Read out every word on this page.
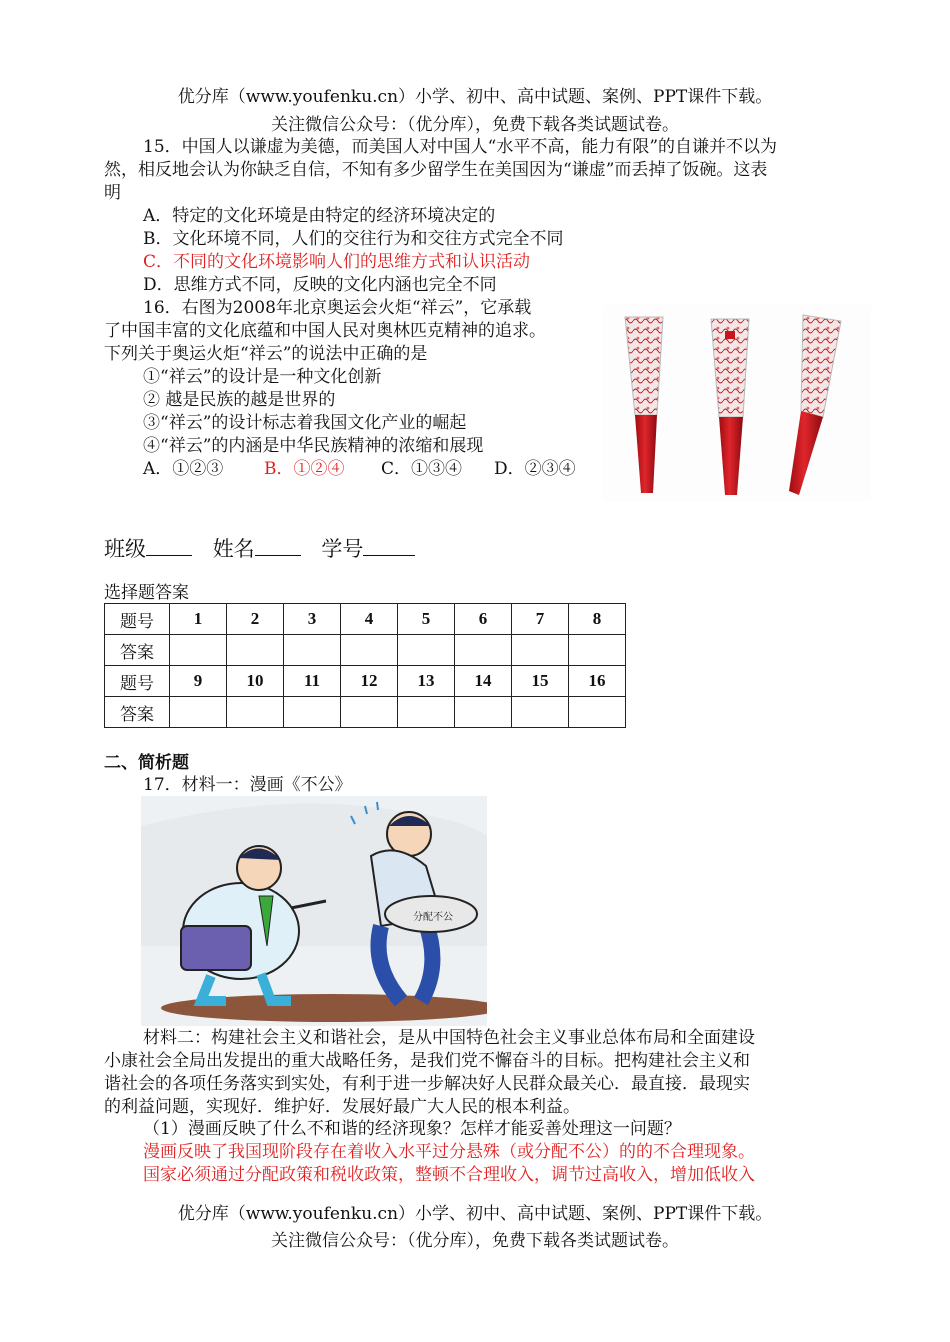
优分库（www.youfenku.cn）小学、初中、高中试题、案例、PPT课件下载。
关注微信公众号：（优分库），免费下载各类试题试卷。
15．中国人以谦虚为美德，而美国人对中国人“水平不高，能力有限”的自谦并不以为
然，相反地会认为你缺乏自信，不知有多少留学生在美国因为“谦虚”而丢掉了饭碗。这表
明
A．特定的文化环境是由特定的经济环境决定的
B．文化环境不同，人们的交往行为和交往方式完全不同
C．不同的文化环境影响人们的思维方式和认识活动
D．思维方式不同，反映的文化内涵也完全不同
16．右图为2008年北京奥运会火炬“祥云”，它承载
了中国丰富的文化底蕴和中国人民对奥林匹克精神的追求。
下列关于奥运火炬“祥云”的说法中正确的是
①“祥云”的设计是一种文化创新
② 越是民族的越是世界的
③“祥云”的设计标志着我国文化产业的崛起
④“祥云”的内涵是中华民族精神的浓缩和展现
A．①②③ B．①②④ C．①③④ D．②③④
班级	姓名	学号
选择题答案
题号	1	2	3	4	5	6	7	8
答案								
题号	9	10	11	12	13	14	15	16
答案								
二、简析题
17．材料一：漫画《不公》
分配不公
材料二：构建社会主义和谐社会，是从中国特色社会主义事业总体布局和全面建设
小康社会全局出发提出的重大战略任务，是我们党不懈奋斗的目标。把构建社会主义和
谐社会的各项任务落实到实处，有利于进一步解决好人民群众最关心．最直接．最现实
的利益问题，实现好．维护好．发展好最广大人民的根本利益。
（1）漫画反映了什么不和谐的经济现象？怎样才能妥善处理这一问题？
漫画反映了我国现阶段存在着收入水平过分悬殊（或分配不公）的的不合理现象。
国家必须通过分配政策和税收政策，整顿不合理收入，调节过高收入，增加低收入
优分库（www.youfenku.cn）小学、初中、高中试题、案例、PPT课件下载。
关注微信公众号：（优分库），免费下载各类试题试卷。
